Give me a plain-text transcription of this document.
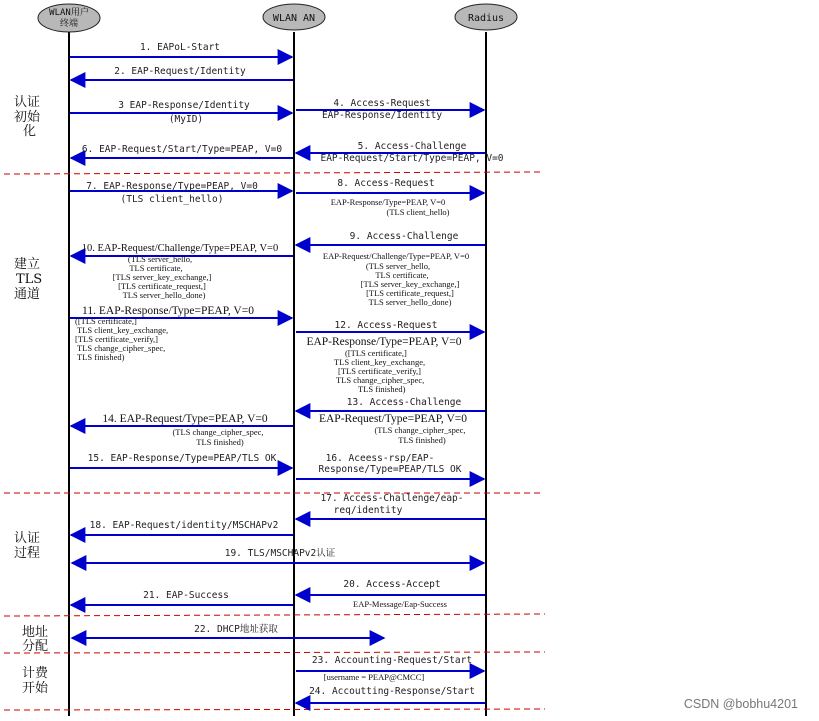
WLAN用户
终端	WLAN AN	Radius
认证
初始
化
建立
TLS
通道
认证
过程
地址
分配
计费
开始
1. EAPoL-Start
2. EAP-Request/Identity
3 EAP-Response/Identity
(MyID)
4. Access-Request
EAP-Response/Identity
5. Access-Challenge
EAP-Request/Start/Type=PEAP, V=0
6. EAP-Request/Start/Type=PEAP, V=0
7. EAP-Response/Type=PEAP, V=0
(TLS client_hello)
8. Access-Request
EAP-Response/Type=PEAP, V=0
(TLS client_hello)
9. Access-Challenge
EAP-Request/Challenge/Type=PEAP, V=0
(TLS server_hello,
TLS certificate,
[TLS server_key_exchange,]
[TLS certificate_request,]
TLS server_hello_done)
10. EAP-Request/Challenge/Type=PEAP, V=0
(TLS server_hello,
TLS certificate,
[TLS server_key_exchange,]
[TLS certificate_request,]
TLS server_hello_done)
11. EAP-Response/Type=PEAP, V=0
([TLS certificate,]
TLS client_key_exchange,
[TLS certificate_verify,]
TLS change_cipher_spec,
TLS finished)
12. Access-Request
EAP-Response/Type=PEAP, V=0
([TLS certificate,]
TLS client_key_exchange,
[TLS certificate_verify,]
TLS change_cipher_spec,
TLS finished)
13. Access-Challenge
EAP-Request/Type=PEAP, V=0
(TLS change_cipher_spec,
TLS finished)
14. EAP-Request/Type=PEAP, V=0
(TLS change_cipher_spec,
TLS finished)
15. EAP-Response/Type=PEAP/TLS OK	16. Aceess-rsp/EAP-
Response/Type=PEAP/TLS OK
17. Access-Challenge/eap-
req/identity
18. EAP-Request/identity/MSCHAPv2
19. TLS/MSCHAPv2认证
20. Access-Accept
EAP-Message/Eap-Success
21. EAP-Success
22. DHCP地址获取
23. Accounting-Request/Start
[username = PEAP@CMCC]
24. Accoutting-Response/Start
CSDN @bobhu4201
